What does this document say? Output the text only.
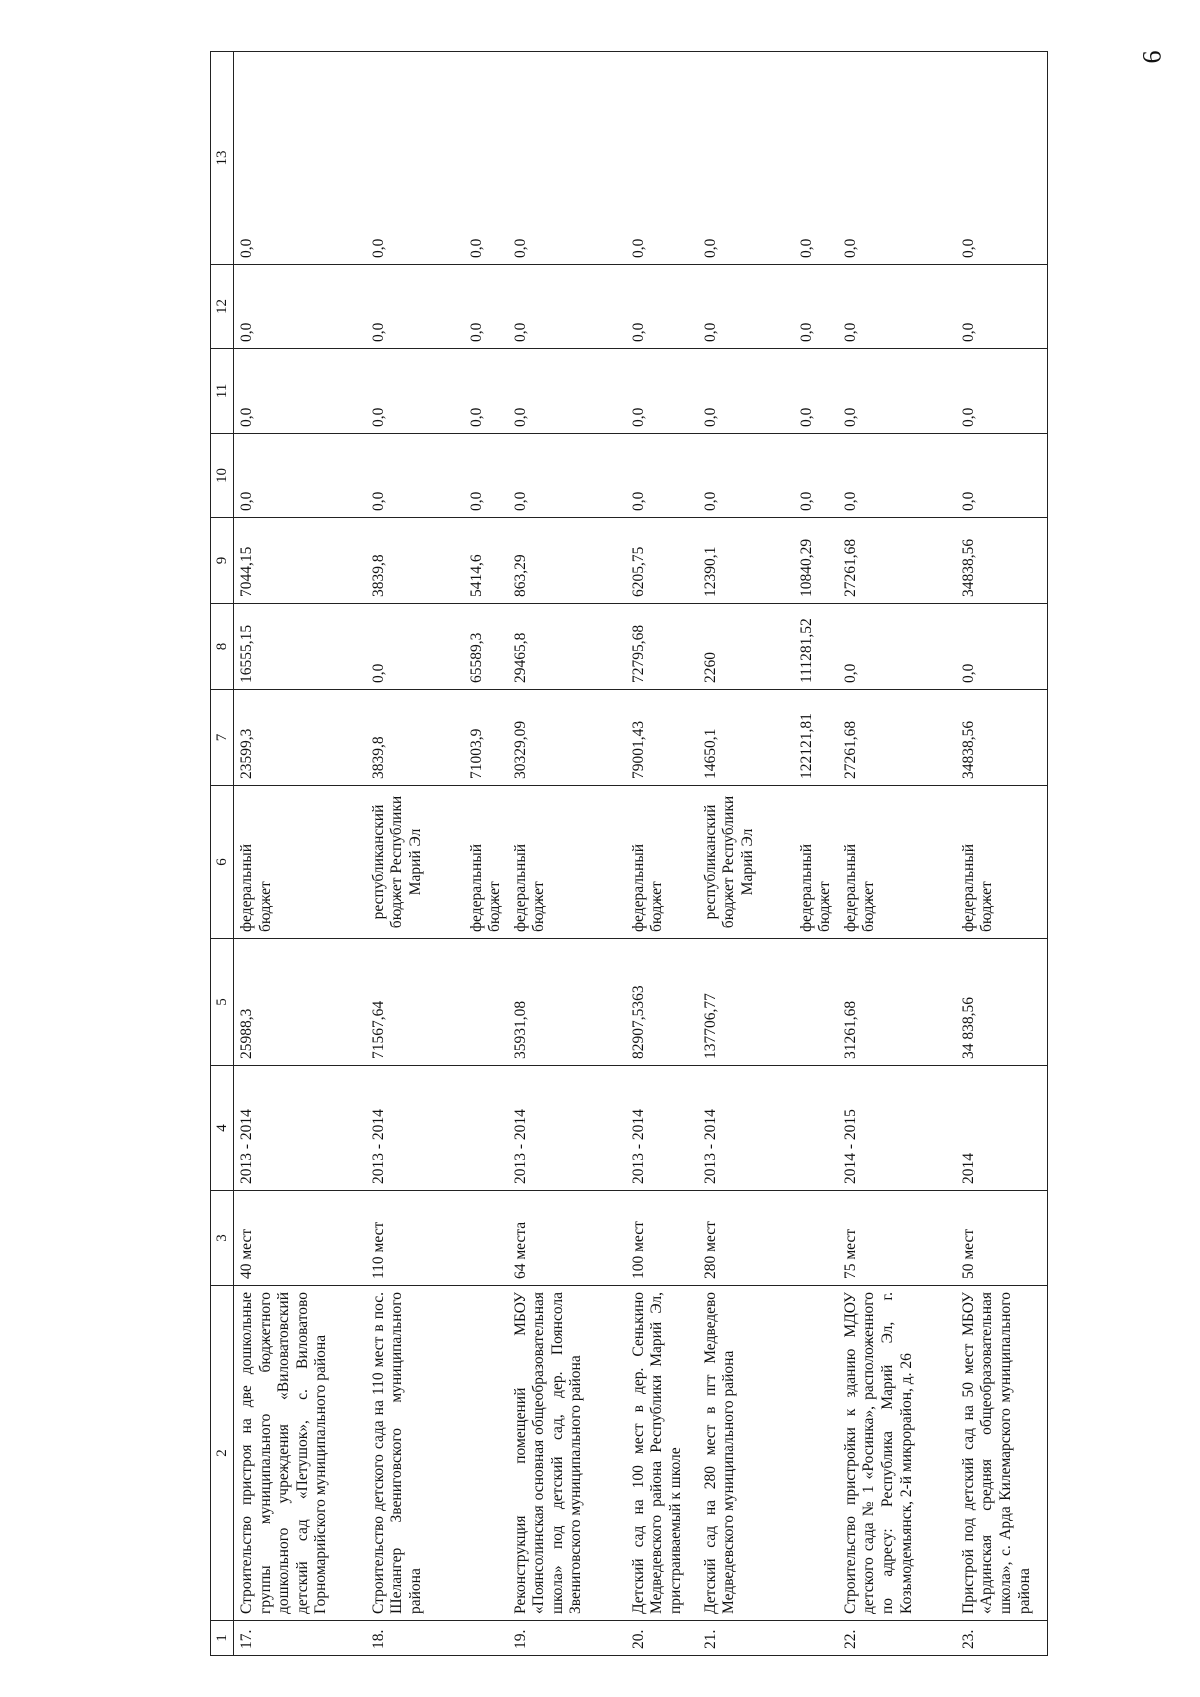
6
1	2	3	4	5	6	7	8	9	10	11	12	13
17.	Строительство пристроя на две дошкольные группы муниципального бюджетного дошкольного учреждения «Виловатовский детский сад «Петушок», с. Виловатово Горномарийского муниципального района	40 мест	2013 - 2014	25988,3	федеральный бюджет	23599,3	16555,15	7044,15	0,0	0,0	0,0	0,0
18.	Строительство детского сада на 110 мест в пос. Шелангер Звениговского муниципального района	110 мест	2013 - 2014	71567,64	республиканский бюджет Республики Марий Эл	3839,8	0,0	3839,8	0,0	0,0	0,0	0,0
					федеральный бюджет	71003,9	65589,3	5414,6	0,0	0,0	0,0	0,0
19.	Реконструкция помещений МБОУ «Поянсолинская основная общеобразовательная школа» под детский сад, дер. Поянсола Звениговского муниципального района	64 места	2013 - 2014	35931,08	федеральный бюджет	30329,09	29465,8	863,29	0,0	0,0	0,0	0,0
20.	Детский сад на 100 мест в дер. Сенькино Медведевского района Республики Марий Эл, пристраиваемый к школе	100 мест	2013 - 2014	82907,5363	федеральный бюджет	79001,43	72795,68	6205,75	0,0	0,0	0,0	0,0
21.	Детский сад на 280 мест в пгт Медведево Медведевского муниципального района	280 мест	2013 - 2014	137706,77	республиканский бюджет Республики Марий Эл	14650,1	2260	12390,1	0,0	0,0	0,0	0,0
					федеральный бюджет	122121,81	111281,52	10840,29	0,0	0,0	0,0	0,0
22.	Строительство пристройки к зданию МДОУ детского сада № 1 «Росинка», расположенного по адресу: Республика Марий Эл, г. Козьмодемьянск, 2-й микрорайон, д. 26	75 мест	2014 - 2015	31261,68	федеральный бюджет	27261,68	0,0	27261,68	0,0	0,0	0,0	0,0
23.	Пристрой под детский сад на 50 мест МБОУ «Ардинская средняя общеобразовательная школа», с. Арда Килемарского муниципального района	50 мест	2014	34 838,56	федеральный бюджет	34838,56	0,0	34838,56	0,0	0,0	0,0	0,0
